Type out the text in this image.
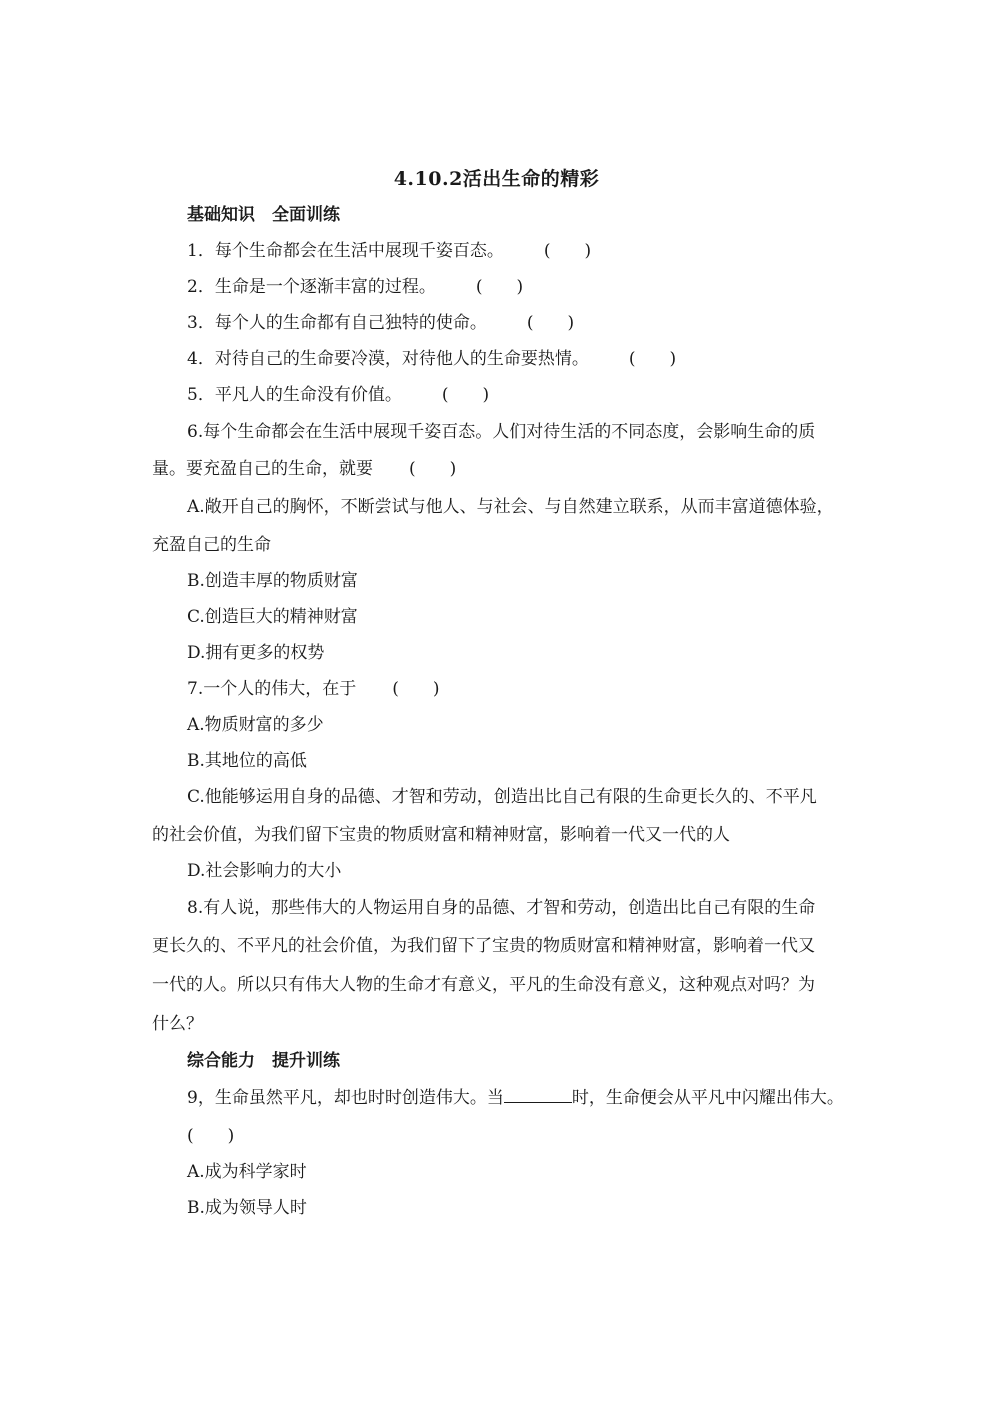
4.10.2活出生命的精彩
基础知识　全面训练
1．每个生命都会在生活中展现千姿百态。 (　　)
2．生命是一个逐渐丰富的过程。 (　　)
3．每个人的生命都有自己独特的使命。 (　　)
4．对待自己的生命要冷漠，对待他人的生命要热情。 (　　)
5．平凡人的生命没有价值。 (　　)
6.每个生命都会在生活中展现千姿百态。人们对待生活的不同态度，会影响生命的质
量。要充盈自己的生命，就要 (　　)
A.敞开自己的胸怀，不断尝试与他人、与社会、与自然建立联系，从而丰富道德体验，
充盈自己的生命
B.创造丰厚的物质财富
C.创造巨大的精神财富
D.拥有更多的权势
7.一个人的伟大，在于 (　　)
A.物质财富的多少
B.其地位的高低
C.他能够运用自身的品德、才智和劳动，创造出比自己有限的生命更长久的、不平凡
的社会价值，为我们留下宝贵的物质财富和精神财富，影响着一代又一代的人
D.社会影响力的大小
8.有人说，那些伟大的人物运用自身的品德、才智和劳动，创造出比自己有限的生命
更长久的、不平凡的社会价值，为我们留下了宝贵的物质财富和精神财富，影响着一代又
一代的人。所以只有伟大人物的生命才有意义，平凡的生命没有意义，这种观点对吗？为
什么？
综合能力　提升训练
9，生命虽然平凡，却也时时创造伟大。当	时，生命便会从平凡中闪耀出伟大。
(　　)
A.成为科学家时
B.成为领导人时
